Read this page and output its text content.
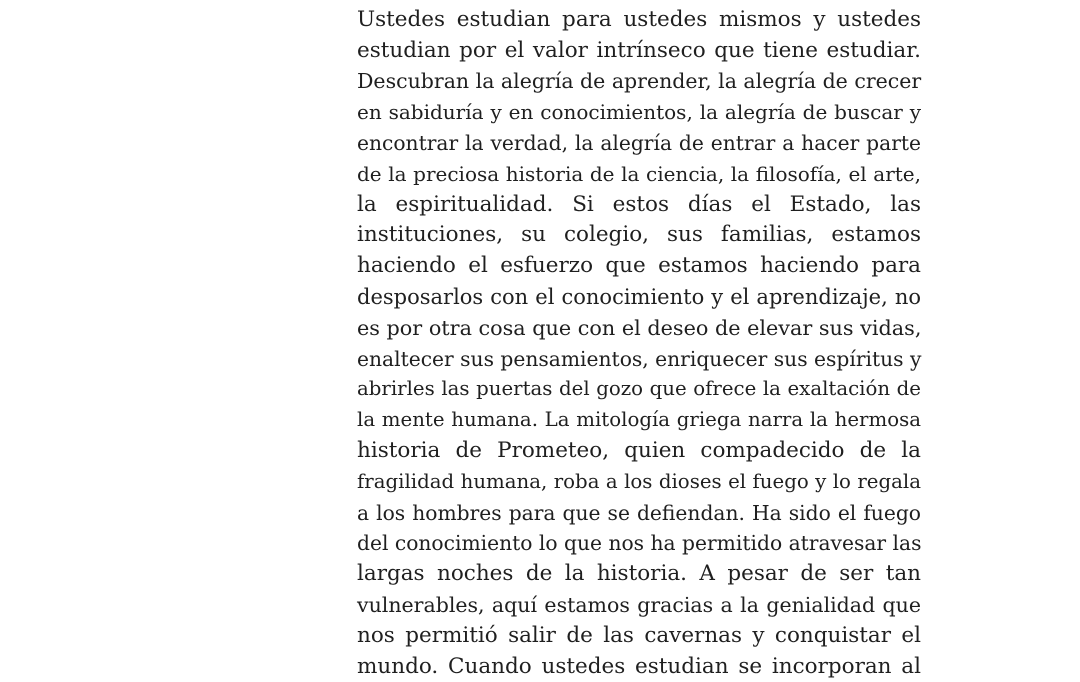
Ustedes estudian para ustedes mismos y ustedes
estudian por el valor intrínseco que tiene estudiar.
Descubran la alegría de aprender, la alegría de crecer
en sabiduría y en conocimientos, la alegría de buscar y
encontrar la verdad, la alegría de entrar a hacer parte
de la preciosa historia de la ciencia, la filosofía, el arte,
la espiritualidad. Si estos días el Estado, las
instituciones, su colegio, sus familias, estamos
haciendo el esfuerzo que estamos haciendo para
desposarlos con el conocimiento y el aprendizaje, no
es por otra cosa que con el deseo de elevar sus vidas,
enaltecer sus pensamientos, enriquecer sus espíritus y
abrirles las puertas del gozo que ofrece la exaltación de
la mente humana. La mitología griega narra la hermosa
historia de Prometeo, quien compadecido de la
fragilidad humana, roba a los dioses el fuego y lo regala
a los hombres para que se defiendan. Ha sido el fuego
del conocimiento lo que nos ha permitido atravesar las
largas noches de la historia. A pesar de ser tan
vulnerables, aquí estamos gracias a la genialidad que
nos permitió salir de las cavernas y conquistar el
mundo. Cuando ustedes estudian se incorporan al
